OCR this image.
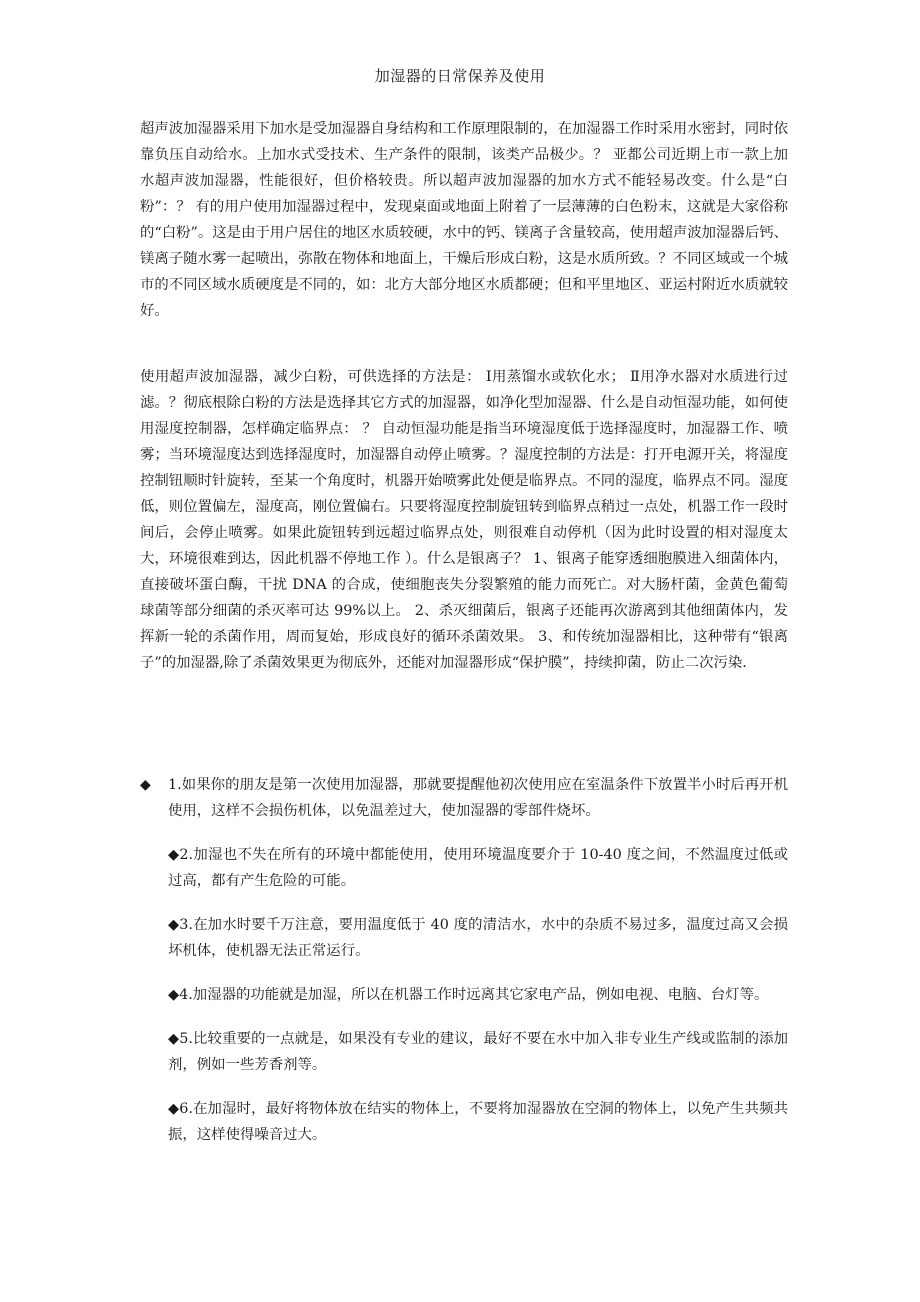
加湿器的日常保养及使用
超声波加湿器采用下加水是受加湿器自身结构和工作原理限制的，在加湿器工作时采用水密封，同时依靠负压自动给水。上加水式受技术、生产条件的限制，该类产品极少。？ 亚都公司近期上市一款上加水超声波加湿器，性能很好，但价格较贵。所以超声波加湿器的加水方式不能轻易改变。什么是“白粉”：？ 有的用户使用加湿器过程中，发现桌面或地面上附着了一层薄薄的白色粉末，这就是大家俗称的“白粉”。这是由于用户居住的地区水质较硬，水中的钙、镁离子含量较高，使用超声波加湿器后钙、镁离子随水雾一起喷出，弥散在物体和地面上，干燥后形成白粉，这是水质所致。？不同区域或一个城市的不同区域水质硬度是不同的，如：北方大部分地区水质都硬；但和平里地区、亚运村附近水质就较好。
使用超声波加湿器，减少白粉，可供选择的方法是： Ⅰ用蒸馏水或软化水； Ⅱ用净水器对水质进行过滤。？彻底根除白粉的方法是选择其它方式的加湿器，如净化型加湿器、什么是自动恒湿功能，如何使用湿度控制器，怎样确定临界点： ？ 自动恒湿功能是指当环境湿度低于选择湿度时，加湿器工作、喷雾；当环境湿度达到选择湿度时，加湿器自动停止喷雾。？湿度控制的方法是：打开电源开关，将湿度控制钮顺时针旋转，至某一个角度时，机器开始喷雾此处便是临界点。不同的湿度，临界点不同。湿度低，则位置偏左，湿度高，刚位置偏右。只要将湿度控制旋钮转到临界点稍过一点处，机器工作一段时间后，会停止喷雾。如果此旋钮转到远超过临界点处，则很难自动停机（因为此时设置的相对湿度太大，环境很难到达，因此机器不停地工作 ）。什么是银离子？ 1、银离子能穿透细胞膜进入细菌体内，直接破坏蛋白酶，干扰 DNA 的合成，使细胞丧失分裂繁殖的能力而死亡。对大肠杆菌，金黄色葡萄球菌等部分细菌的杀灭率可达 99%以上。 2、杀灭细菌后，银离子还能再次游离到其他细菌体内，发挥新一轮的杀菌作用，周而复始，形成良好的循环杀菌效果。 3、和传统加湿器相比，这种带有“银离子”的加湿器,除了杀菌效果更为彻底外，还能对加湿器形成“保护膜”，持续抑菌，防止二次污染.
◆ 1.如果你的朋友是第一次使用加湿器，那就要提醒他初次使用应在室温条件下放置半小时后再开机使用，这样不会损伤机体，以免温差过大，使加湿器的零部件烧坏。
◆2.加湿也不失在所有的环境中都能使用，使用环境温度要介于 10-40 度之间，不然温度过低或过高，都有产生危险的可能。
◆3.在加水时要千万注意，要用温度低于 40 度的清洁水，水中的杂质不易过多，温度过高又会损坏机体，使机器无法正常运行。
◆4.加湿器的功能就是加湿，所以在机器工作时远离其它家电产品，例如电视、电脑、台灯等。
◆5.比较重要的一点就是，如果没有专业的建议，最好不要在水中加入非专业生产线或监制的添加剂，例如一些芳香剂等。
◆6.在加湿时，最好将物体放在结实的物体上，不要将加湿器放在空洞的物体上，以免产生共频共振，这样使得噪音过大。
